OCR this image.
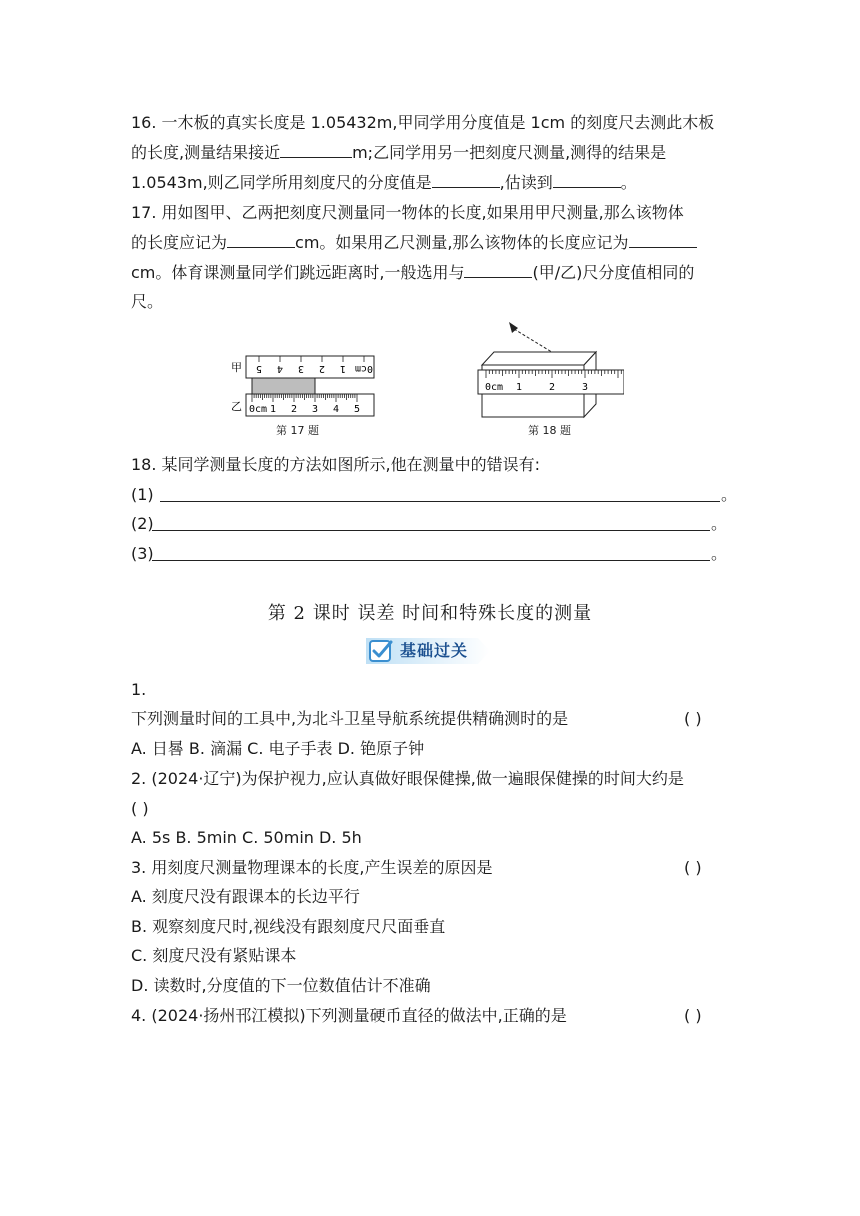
16. 一木板的真实长度是 1.05432m,甲同学用分度值是 1cm 的刻度尺去测此木板
的长度,测量结果接近	m;乙同学用另一把刻度尺测量,测得的结果是
1.0543m,则乙同学所用刻度尺的分度值是	,估读到	。
17. 用如图甲、乙两把刻度尺测量同一物体的长度,如果用甲尺测量,那么该物体
的长度应记为	cm。如果用乙尺测量,那么该物体的长度应记为
cm。体育课测量同学们跳远距离时,一般选用与	(甲/乙)尺分度值相同的
尺。
甲
乙
5 4 3 2 1 0cm
0cm 1 2 3 4 5
第 17 题
0cm 1	2	3
第 18 题
18. 某同学测量长度的方法如图所示,他在测量中的错误有:
(1)	。
(2)	。
(3)	。
第 2 课时 误差 时间和特殊长度的测量
基础过关
1.
下列测量时间的工具中,为北斗卫星导航系统提供精确测时的是	( )
A. 日晷 B. 滴漏 C. 电子手表 D. 铯原子钟
2. (2024·辽宁)为保护视力,应认真做好眼保健操,做一遍眼保健操的时间大约是
( )
A. 5s B. 5min C. 50min D. 5h
3. 用刻度尺测量物理课本的长度,产生误差的原因是	( )
A. 刻度尺没有跟课本的长边平行
B. 观察刻度尺时,视线没有跟刻度尺尺面垂直
C. 刻度尺没有紧贴课本
D. 读数时,分度值的下一位数值估计不准确
4. (2024·扬州邗江模拟)下列测量硬币直径的做法中,正确的是	( )
